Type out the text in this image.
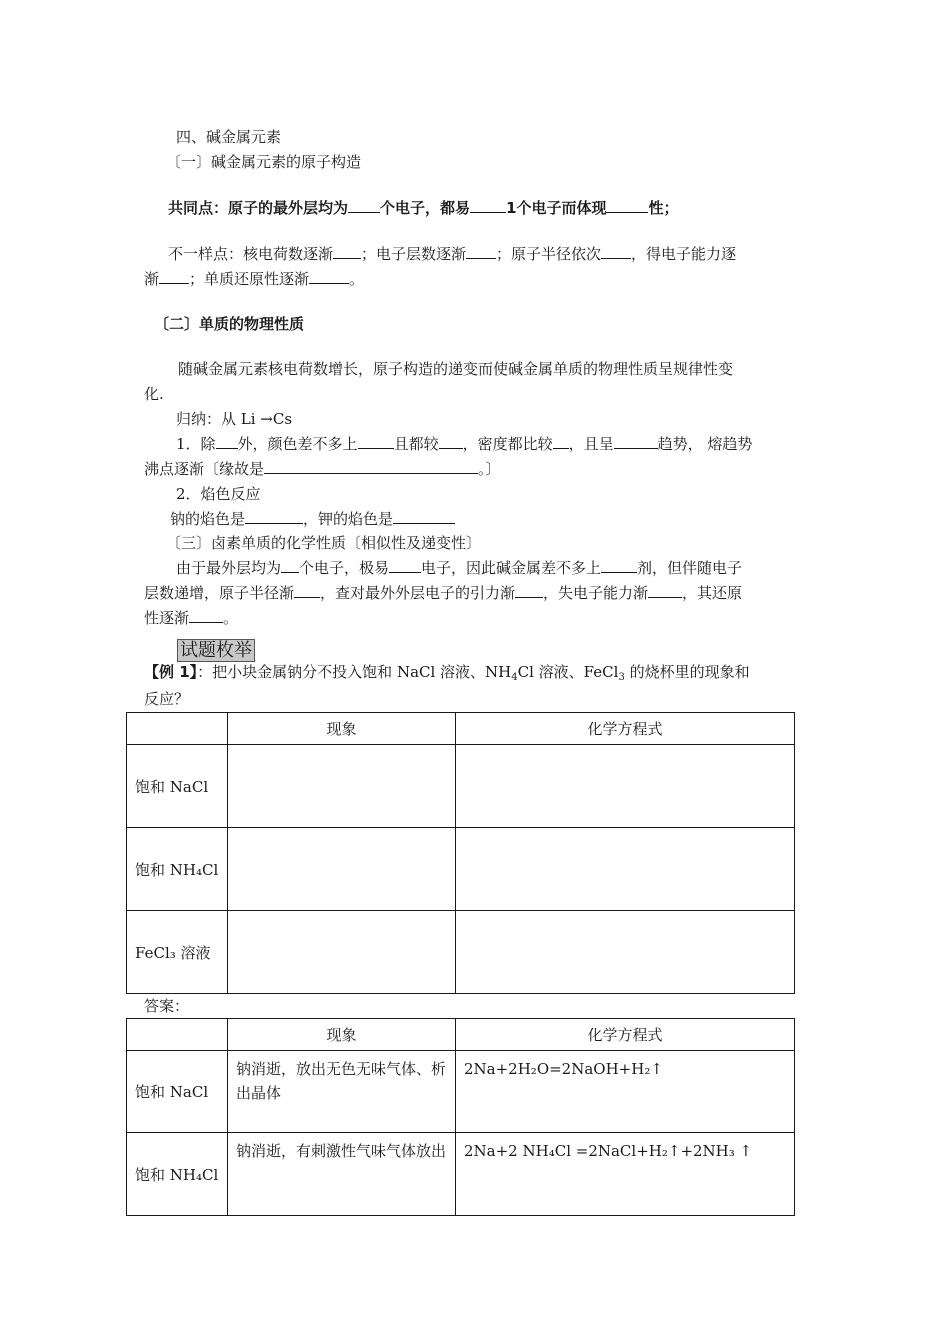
四、碱金属元素
〔一〕碱金属元素的原子构造
共同点：原子的最外层均为 个电子，都易 1个电子而体现	性；
不一样点：核电荷数逐渐 ；电子层数逐渐 ；原子半径依次 ，得电子能力逐
渐 ；单质还原性逐渐	。
〔二〕单质的物理性质
随碱金属元素核电荷数增长，原子构造的递变而使碱金属单质的物理性质呈规律性变
化.
归纳：从 Li →Cs
1．除 外，颜色差不多上 且都较 ，密度都比较 ，且呈	趋势， 熔趋势
沸点逐渐〔缘故是	。〕
2．焰色反应
钠的焰色是	，钾的焰色是
〔三〕卤素单质的化学性质〔相似性及递变性〕
由于最外层均为 个电子，极易 电子，因此碱金属差不多上 剂，但伴随电子
层数递增，原子半径渐 ，查对最外外层电子的引力渐 ，失电子能力渐 ，其还原
性逐渐 。
试题枚举
【例 1】：把小块金属钠分不投入饱和 NaCl 溶液、$NH_4Cl$ 溶液、FeCl$_3$ 的烧杯里的现象和
反应？
	现象	化学方程式
饱和 NaCl		
饱和 NH₄Cl		
FeCl₃ 溶液		
答案：
	现象	化学方程式
饱和 NaCl	钠消逝，放出无色无味气体、析出晶体	2Na+2H₂O=2NaOH+H₂↑
饱和 NH₄Cl	钠消逝，有刺激性气味气体放出	2Na+2 NH₄Cl =2NaCl+H₂↑+2NH₃ ↑
